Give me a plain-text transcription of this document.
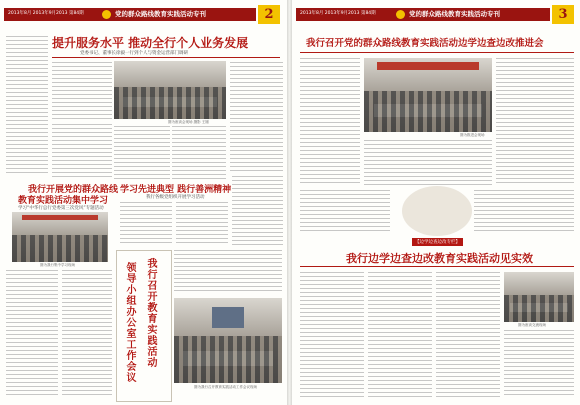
2013年8月 2013年9月2013 第84期	党的群众路线教育实践活动专刊	2
提升服务水平 推动全行个人业务发展
党委书记、董事长徐毅一行到个人与资金运营部门调研
图为座谈会现场 摄影 王刚
我行开展党的群众路线
教育实践活动集中学习
学习“中华行总行党委第三次党风”专题活动
图为我行集中学习现场
学习先进典型 践行善洲精神
我行各级党组织开展学习活动
我行召开教育实践活动
领导小组办公室工作会议
图为我行召开教育实践活动工作会议现场
2013年8月 2013年9月2013 第84期	党的群众路线教育实践活动专刊	3
我行召开党的群众路线教育实践活动边学边查边改推进会
图为推进会现场
【边学边查边改专栏】
我行边学边查边改教育实践活动见实效
图为座谈交流现场
